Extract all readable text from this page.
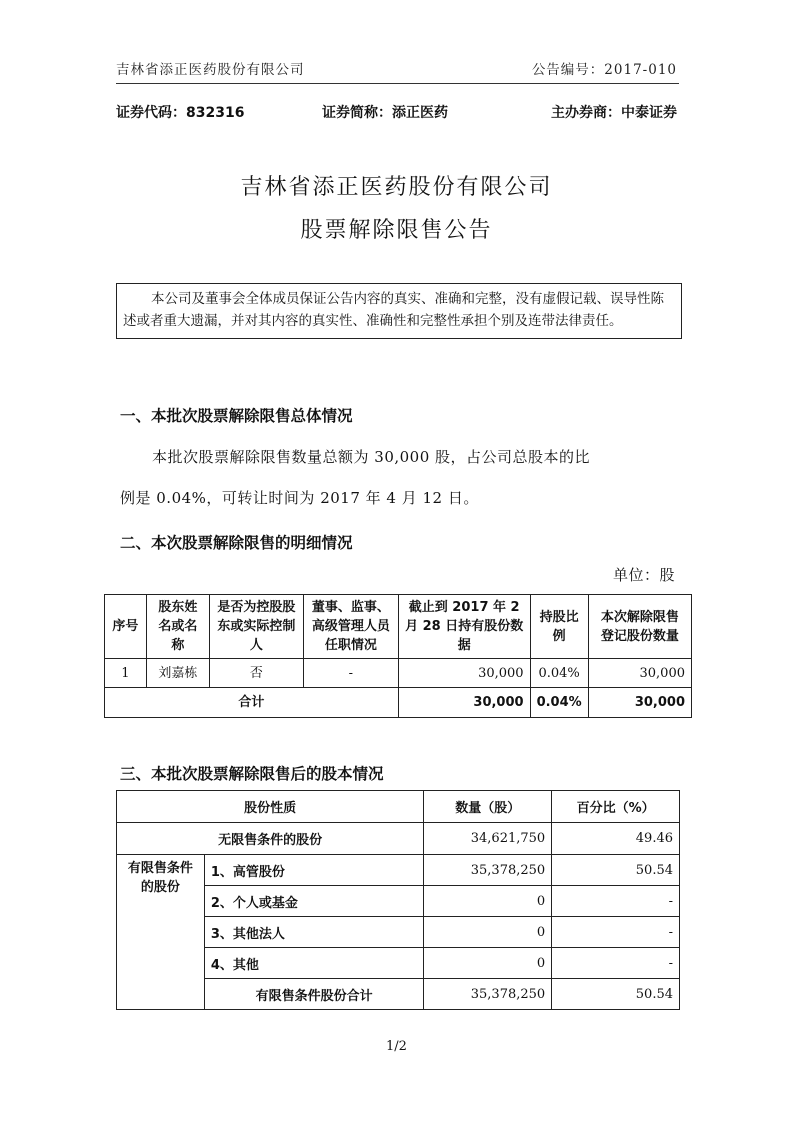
吉林省添正医药股份有限公司	公告编号：2017-010
证券代码：832316	证券简称：添正医药	主办券商：中泰证券
吉林省添正医药股份有限公司
股票解除限售公告
本公司及董事会全体成员保证公告内容的真实、准确和完整，没有虚假记载、误导性陈述或者重大遗漏，并对其内容的真实性、准确性和完整性承担个别及连带法律责任。
一、本批次股票解除限售总体情况
本批次股票解除限售数量总额为 30,000 股，占公司总股本的比
例是 0.04%，可转让时间为 2017 年 4 月 12 日。
二、本次股票解除限售的明细情况
单位：股
序号	股东姓名或名称	是否为控股股东或实际控制人	董事、监事、高级管理人员任职情况	截止到 2017 年 2 月 28 日持有股份数据	持股比例	本次解除限售登记股份数量
1	刘嘉栋	否	-	30,000	0.04%	30,000
合计				30,000	0.04%	30,000
三、本批次股票解除限售后的股本情况
股份性质		数量（股）	百分比（%）
无限售条件的股份		34,621,750	49.46
有限售条件的股份	1、高管股份	35,378,250	50.54
	2、个人或基金	0	-
	3、其他法人	0	-
	4、其他	0	-
	有限售条件股份合计	35,378,250	50.54
1/2
